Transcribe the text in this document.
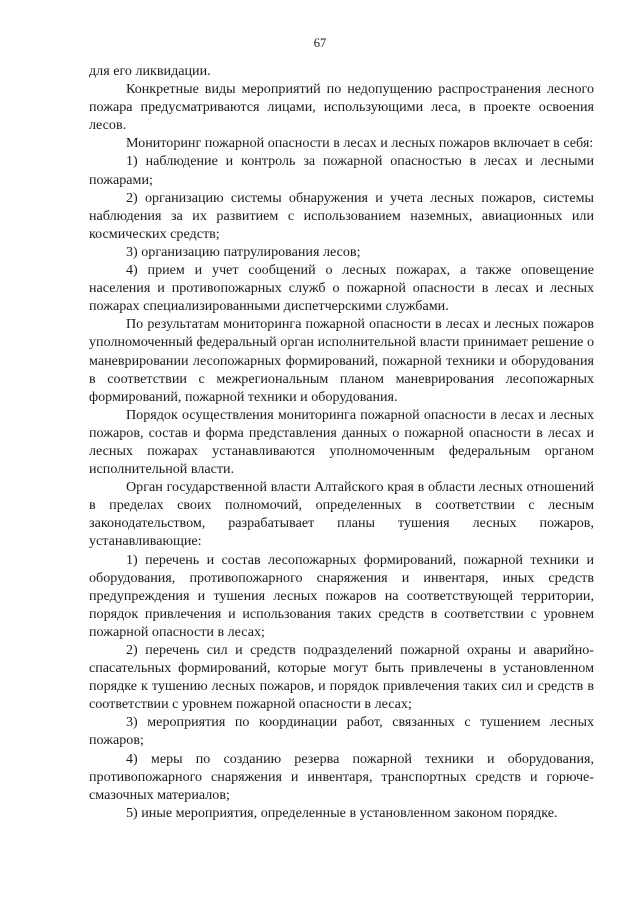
67

для его ликвидации.

Конкретные виды мероприятий по недопущению распространения лесного пожара предусматриваются лицами, использующими леса, в проекте освоения лесов.

Мониторинг пожарной опасности в лесах и лесных пожаров включает в себя:

1) наблюдение и контроль за пожарной опасностью в лесах и лесными пожарами;

2) организацию системы обнаружения и учета лесных пожаров, системы наблюдения за их развитием с использованием наземных, авиационных или космических средств;

3) организацию патрулирования лесов;

4) прием и учет сообщений о лесных пожарах, а также оповещение населения и противопожарных служб о пожарной опасности в лесах и лесных пожарах специализированными диспетчерскими службами.

По результатам мониторинга пожарной опасности в лесах и лесных пожаров уполномоченный федеральный орган исполнительной власти принимает решение о маневрировании лесопожарных формирований, пожарной техники и оборудования в соответствии с межрегиональным планом маневрирования лесопожарных формирований, пожарной техники и оборудования.

Порядок осуществления мониторинга пожарной опасности в лесах и лесных пожаров, состав и форма представления данных о пожарной опасности в лесах и лесных пожарах устанавливаются уполномоченным федеральным органом исполнительной власти.

Орган государственной власти Алтайского края в области лесных отношений в пределах своих полномочий, определенных в соответствии с лесным законодательством, разрабатывает планы тушения лесных пожаров, устанавливающие:

1) перечень и состав лесопожарных формирований, пожарной техники и оборудования, противопожарного снаряжения и инвентаря, иных средств предупреждения и тушения лесных пожаров на соответствующей территории, порядок привлечения и использования таких средств в соответствии с уровнем пожарной опасности в лесах;

2) перечень сил и средств подразделений пожарной охраны и аварийно-спасательных формирований, которые могут быть привлечены в установленном порядке к тушению лесных пожаров, и порядок привлечения таких сил и средств в соответствии с уровнем пожарной опасности в лесах;

3) мероприятия по координации работ, связанных с тушением лесных пожаров;

4) меры по созданию резерва пожарной техники и оборудования, противопожарного снаряжения и инвентаря, транспортных средств и горюче-смазочных материалов;

5) иные мероприятия, определенные в установленном законом порядке.
